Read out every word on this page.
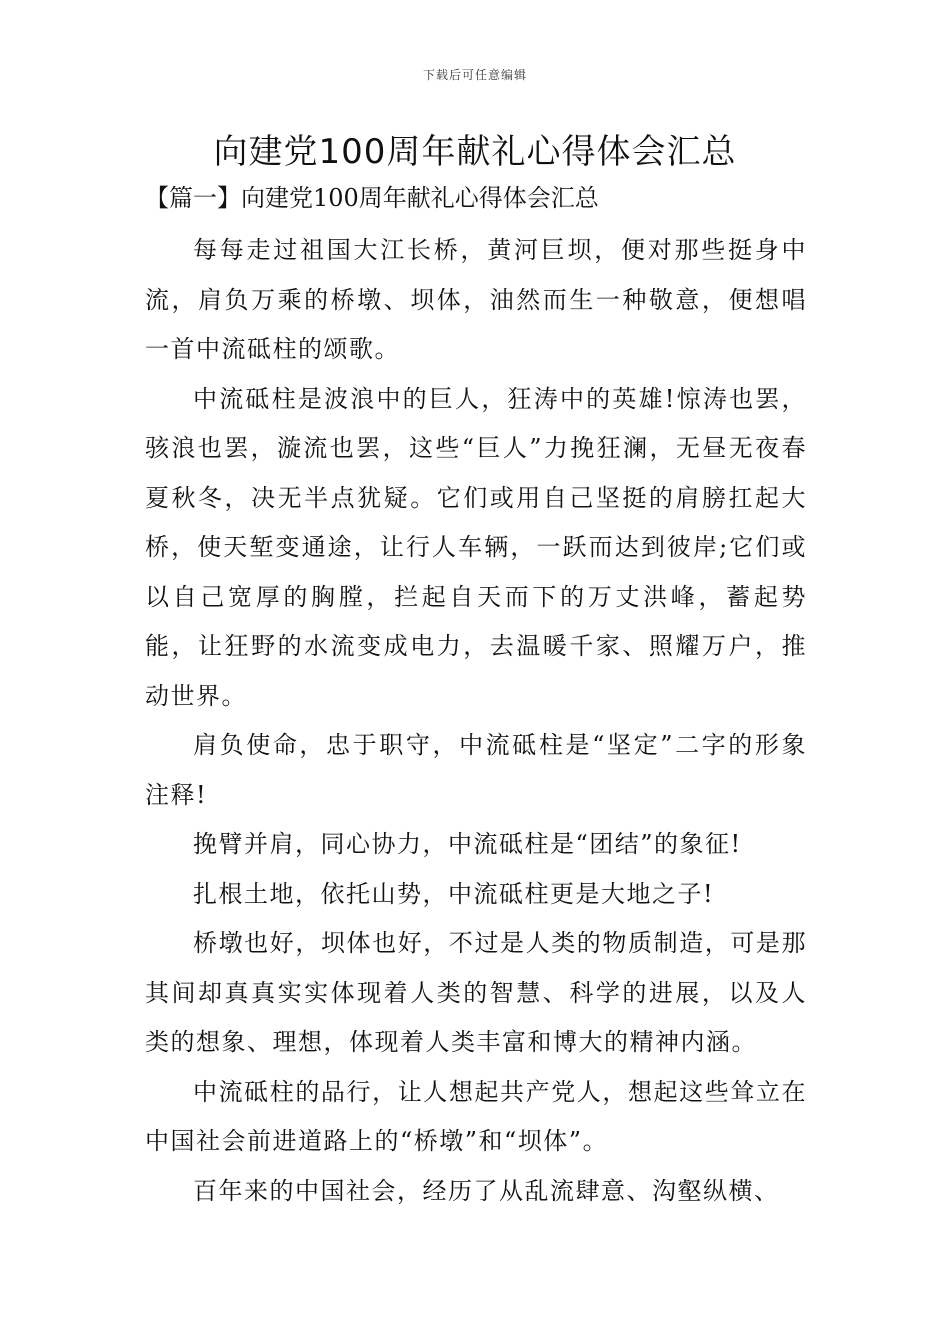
下载后可任意编辑
向建党100周年献礼心得体会汇总

【篇一】向建党100周年献礼心得体会汇总

每每走过祖国大江长桥，黄河巨坝，便对那些挺身中流，肩负万乘的桥墩、坝体，油然而生一种敬意，便想唱一首中流砥柱的颂歌。

中流砥柱是波浪中的巨人，狂涛中的英雄!惊涛也罢，骇浪也罢，漩流也罢，这些“巨人”力挽狂澜，无昼无夜春夏秋冬，决无半点犹疑。它们或用自己坚挺的肩膀扛起大桥，使天堑变通途，让行人车辆，一跃而达到彼岸;它们或以自己宽厚的胸膛，拦起自天而下的万丈洪峰，蓄起势能，让狂野的水流变成电力，去温暖千家、照耀万户，推动世界。

肩负使命，忠于职守，中流砥柱是“坚定”二字的形象注释!

挽臂并肩，同心协力，中流砥柱是“团结”的象征!

扎根土地，依托山势，中流砥柱更是大地之子!

桥墩也好，坝体也好，不过是人类的物质制造，可是那其间却真真实实体现着人类的智慧、科学的进展，以及人类的想象、理想，体现着人类丰富和博大的精神内涵。

中流砥柱的品行，让人想起共产党人，想起这些耸立在中国社会前进道路上的“桥墩”和“坝体”。

百年来的中国社会，经历了从乱流肆意、沟壑纵横、
